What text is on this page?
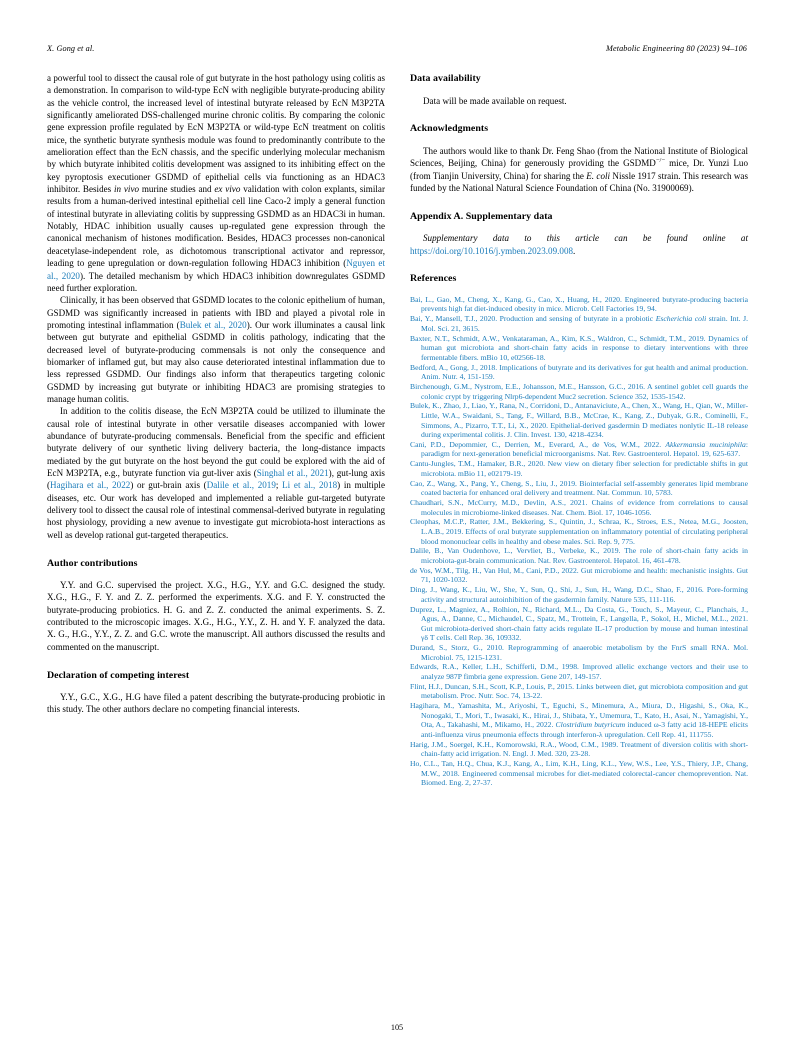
X. Gong et al.	Metabolic Engineering 80 (2023) 94–106

a powerful tool to dissect the causal role of gut butyrate in the host pathology using colitis as a demonstration. In comparison to wild-type EcN with negligible butyrate-producing ability as the vehicle control, the increased level of intestinal butyrate released by EcN M3P2TA significantly ameliorated DSS-challenged murine chronic colitis. By comparing the colonic gene expression profile regulated by EcN M3P2TA or wild-type EcN treatment on colitis mice, the synthetic butyrate synthesis module was found to predominantly contribute to the amelioration effect than the EcN chassis, and the specific underlying molecular mechanism by which butyrate inhibited colitis development was assigned to its inhibiting effect on the key pyroptosis executioner GSDMD of epithelial cells via functioning as an HDAC3 inhibitor. Besides in vivo murine studies and ex vivo validation with colon explants, similar results from a human-derived intestinal epithelial cell line Caco-2 imply a general function of intestinal butyrate in alleviating colitis by suppressing GSDMD as an HDAC3i in human. Notably, HDAC inhibition usually causes up-regulated gene expression through the canonical mechanism of histones modification. Besides, HDAC3 processes non-canonical deacetylase-independent role, as dichotomous transcriptional activator and repressor, leading to gene upregulation or down-regulation following HDAC3 inhibition (Nguyen et al., 2020). The detailed mechanism by which HDAC3 inhibition downregulates GSDMD need further exploration.

Clinically, it has been observed that GSDMD locates to the colonic epithelium of human, GSDMD was significantly increased in patients with IBD and played a pivotal role in promoting intestinal inflammation (Bulek et al., 2020). Our work illuminates a causal link between gut butyrate and epithelial GSDMD in colitis pathology, indicating that the decreased level of butyrate-producing commensals is not only the consequence and biomarker of inflamed gut, but may also cause deteriorated intestinal inflammation due to less repressed GSDMD. Our findings also inform that therapeutics targeting colonic GSDMD by increasing gut butyrate or inhibiting HDAC3 are promising strategies to manage human colitis.

In addition to the colitis disease, the EcN M3P2TA could be utilized to illuminate the causal role of intestinal butyrate in other versatile diseases accompanied with lower abundance of butyrate-producing commensals. Beneficial from the specific and efficient butyrate delivery of our synthetic living delivery bacteria, the long-distance impacts mediated by the gut butyrate on the host beyond the gut could be explored with the aid of EcN M3P2TA, e.g., butyrate function via gut-liver axis (Singhal et al., 2021), gut-lung axis (Hagihara et al., 2022) or gut-brain axis (Dalile et al., 2019; Li et al., 2018) in multiple diseases, etc. Our work has developed and implemented a reliable gut-targeted butyrate delivery tool to dissect the causal role of intestinal commensal-derived butyrate in regulating host physiology, providing a new avenue to investigate gut microbiota-host interactions as well as develop rational gut-targeted therapeutics.

Author contributions

Y.Y. and G.C. supervised the project. X.G., H.G., Y.Y. and G.C. designed the study. X.G., H.G., F. Y. and Z. Z. performed the experiments. X.G. and F. Y. constructed the butyrate-producing probiotics. H. G. and Z. Z. conducted the animal experiments. S. Z. contributed to the microscopic images. X.G., H.G., Y.Y., Z. H. and Y. F. analyzed the data. X. G., H.G., Y.Y., Z. Z. and G.C. wrote the manuscript. All authors discussed the results and commented on the manuscript.

Declaration of competing interest

Y.Y., G.C., X.G., H.G have filed a patent describing the butyrate-producing probiotic in this study. The other authors declare no competing financial interests.

Data availability

Data will be made available on request.

Acknowledgments

The authors would like to thank Dr. Feng Shao (from the National Institute of Biological Sciences, Beijing, China) for generously providing the GSDMD−/− mice, Dr. Yunzi Luo (from Tianjin University, China) for sharing the E. coli Nissle 1917 strain. This research was funded by the National Natural Science Foundation of China (No. 31900069).

Appendix A. Supplementary data

Supplementary data to this article can be found online at https://doi.org/10.1016/j.ymben.2023.09.008.

References
Bai, L., Gao, M., Cheng, X., Kang, G., Cao, X., Huang, H., 2020. Engineered butyrate-producing bacteria prevents high fat diet-induced obesity in mice. Microb. Cell Factories 19, 94.
Bai, Y., Mansell, T.J., 2020. Production and sensing of butyrate in a probiotic Escherichia coli strain. Int. J. Mol. Sci. 21, 3615.
Baxter, N.T., Schmidt, A.W., Venkataraman, A., Kim, K.S., Waldron, C., Schmidt, T.M., 2019. Dynamics of human gut microbiota and short-chain fatty acids in response to dietary interventions with three fermentable fibers. mBio 10, e02566-18.
Bedford, A., Gong, J., 2018. Implications of butyrate and its derivatives for gut health and animal production. Anim. Nutr. 4, 151-159.
Birchenough, G.M., Nystrom, E.E., Johansson, M.E., Hansson, G.C., 2016. A sentinel goblet cell guards the colonic crypt by triggering Nlrp6-dependent Muc2 secretion. Science 352, 1535-1542.
Bulek, K., Zhao, J., Liao, Y., Rana, N., Corridoni, D., Antanaviciute, A., Chen, X., Wang, H., Qian, W., Miller-Little, W.A., Swaidani, S., Tang, F., Willard, B.B., McCrae, K., Kang, Z., Dubyak, G.R., Cominelli, F., Simmons, A., Pizarro, T.T., Li, X., 2020. Epithelial-derived gasdermin D mediates nonlytic IL-18 release during experimental colitis. J. Clin. Invest. 130, 4218-4234.
Cani, P.D., Depommier, C., Derrien, M., Everard, A., de Vos, W.M., 2022. Akkermansia muciniphila: paradigm for next-generation beneficial microorganisms. Nat. Rev. Gastroenterol. Hepatol. 19, 625-637.
Cantu-Jungles, T.M., Hamaker, B.R., 2020. New view on dietary fiber selection for predictable shifts in gut microbiota. mBio 11, e02179-19.
Cao, Z., Wang, X., Pang, Y., Cheng, S., Liu, J., 2019. Biointerfacial self-assembly generates lipid membrane coated bacteria for enhanced oral delivery and treatment. Nat. Commun. 10, 5783.
Chaudhari, S.N., McCurry, M.D., Devlin, A.S., 2021. Chains of evidence from correlations to causal molecules in microbiome-linked diseases. Nat. Chem. Biol. 17, 1046-1056.
Cleophas, M.C.P., Ratter, J.M., Bekkering, S., Quintin, J., Schraa, K., Stroes, E.S., Netea, M.G., Joosten, L.A.B., 2019. Effects of oral butyrate supplementation on inflammatory potential of circulating peripheral blood mononuclear cells in healthy and obese males. Sci. Rep. 9, 775.
Dalile, B., Van Oudenhove, L., Vervliet, B., Verbeke, K., 2019. The role of short-chain fatty acids in microbiota-gut-brain communication. Nat. Rev. Gastroenterol. Hepatol. 16, 461-478.
de Vos, W.M., Tilg, H., Van Hul, M., Cani, P.D., 2022. Gut microbiome and health: mechanistic insights. Gut 71, 1020-1032.
Ding, J., Wang, K., Liu, W., She, Y., Sun, Q., Shi, J., Sun, H., Wang, D.C., Shao, F., 2016. Pore-forming activity and structural autoinhibition of the gasdermin family. Nature 535, 111-116.
Duprez, L., Magniez, A., Rolhion, N., Richard, M.L., Da Costa, G., Touch, S., Mayeur, C., Planchais, J., Agus, A., Danne, C., Michaudel, C., Spatz, M., Trottein, F., Langella, P., Sokol, H., Michel, M.L., 2021. Gut microbiota-derived short-chain fatty acids regulate IL-17 production by mouse and human intestinal γδ T cells. Cell Rep. 36, 109332.
Durand, S., Storz, G., 2010. Reprogramming of anaerobic metabolism by the FnrS small RNA. Mol. Microbiol. 75, 1215-1231.
Edwards, R.A., Keller, L.H., Schifferli, D.M., 1998. Improved allelic exchange vectors and their use to analyze 987P fimbria gene expression. Gene 207, 149-157.
Flint, H.J., Duncan, S.H., Scott, K.P., Louis, P., 2015. Links between diet, gut microbiota composition and gut metabolism. Proc. Nutr. Soc. 74, 13-22.
Hagihara, M., Yamashita, M., Ariyoshi, T., Eguchi, S., Minemura, A., Miura, D., Higashi, S., Oka, K., Nonogaki, T., Mori, T., Iwasaki, K., Hirai, J., Shibata, Y., Umemura, T., Kato, H., Asai, N., Yamagishi, Y., Ota, A., Takahashi, M., Mikamo, H., 2022. Clostridium butyricum induced ω-3 fatty acid 18-HEPE elicits anti-influenza virus pneumonia effects through interferon-λ upregulation. Cell Rep. 41, 111755.
Harig, J.M., Soergel, K.H., Komorowski, R.A., Wood, C.M., 1989. Treatment of diversion colitis with short-chain-fatty acid irrigation. N. Engl. J. Med. 320, 23-28.
Ho, C.L., Tan, H.Q., Chua, K.J., Kang, A., Lim, K.H., Ling, K.L., Yew, W.S., Lee, Y.S., Thiery, J.P., Chang, M.W., 2018. Engineered commensal microbes for diet-mediated colorectal-cancer chemoprevention. Nat. Biomed. Eng. 2, 27-37.
105
